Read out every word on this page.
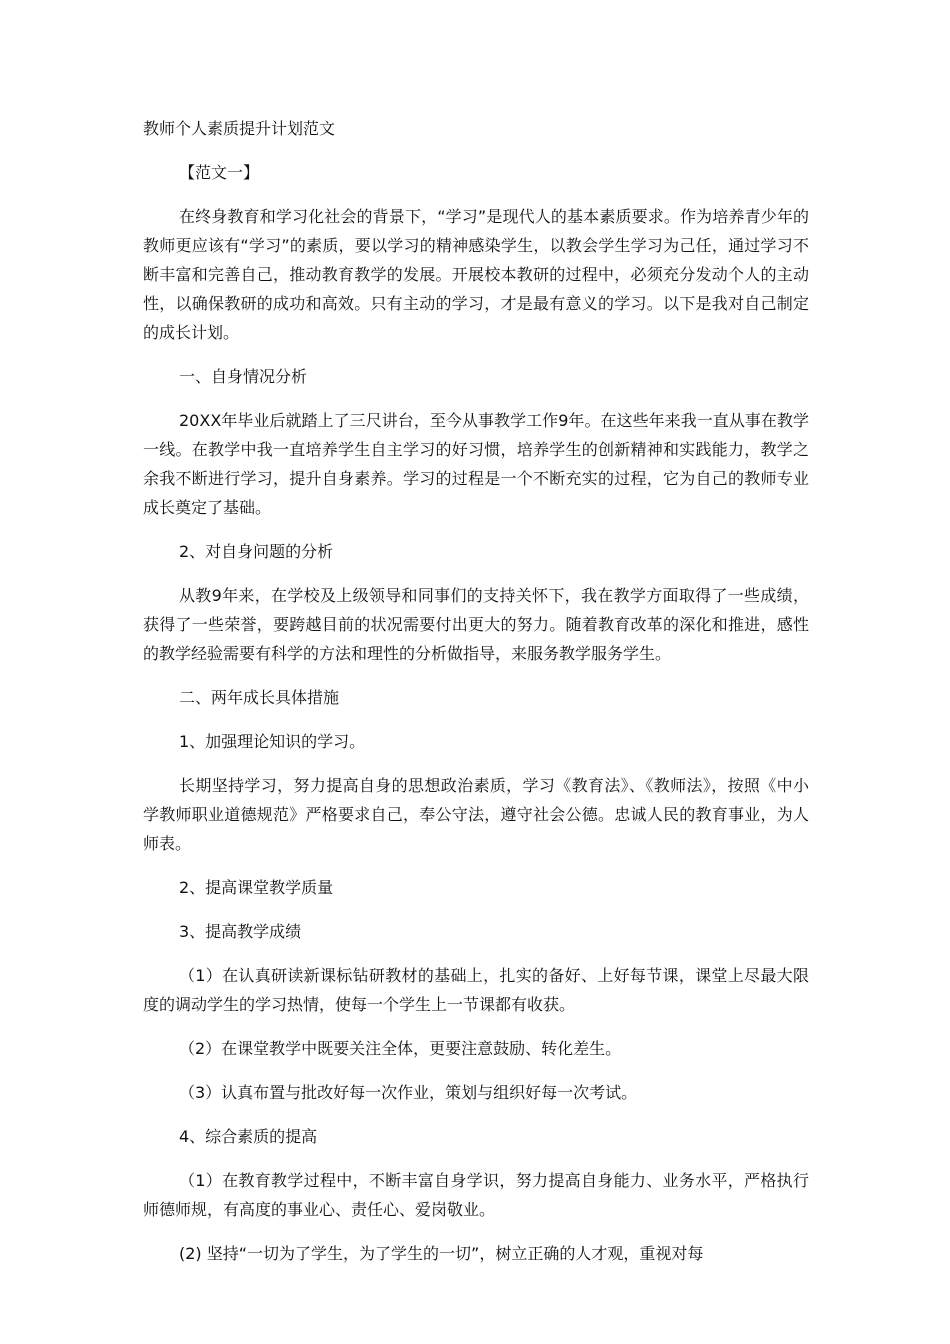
教师个人素质提升计划范文

【范文一】

在终身教育和学习化社会的背景下，“学习”是现代人的基本素质要求。作为培养青少年的教师更应该有“学习”的素质，要以学习的精神感染学生，以教会学生学习为己任，通过学习不断丰富和完善自己，推动教育教学的发展。开展校本教研的过程中，必须充分发动个人的主动性，以确保教研的成功和高效。只有主动的学习，才是最有意义的学习。以下是我对自己制定的成长计划。

一、自身情况分析

20XX年毕业后就踏上了三尺讲台，至今从事教学工作9年。在这些年来我一直从事在教学一线。在教学中我一直培养学生自主学习的好习惯，培养学生的创新精神和实践能力，教学之余我不断进行学习，提升自身素养。学习的过程是一个不断充实的过程，它为自己的教师专业成长奠定了基础。

2、对自身问题的分析

从教9年来，在学校及上级领导和同事们的支持关怀下，我在教学方面取得了一些成绩，获得了一些荣誉，要跨越目前的状况需要付出更大的努力。随着教育改革的深化和推进，感性的教学经验需要有科学的方法和理性的分析做指导，来服务教学服务学生。

二、两年成长具体措施

1、加强理论知识的学习。

长期坚持学习，努力提高自身的思想政治素质，学习《教育法》、《教师法》，按照《中小学教师职业道德规范》严格要求自己，奉公守法，遵守社会公德。忠诚人民的教育事业，为人师表。

2、提高课堂教学质量

3、提高教学成绩

（1）在认真研读新课标钻研教材的基础上，扎实的备好、上好每节课，课堂上尽最大限度的调动学生的学习热情，使每一个学生上一节课都有收获。

（2）在课堂教学中既要关注全体，更要注意鼓励、转化差生。

（3）认真布置与批改好每一次作业，策划与组织好每一次考试。

4、综合素质的提高

（1）在教育教学过程中，不断丰富自身学识，努力提高自身能力、业务水平，严格执行师德师规，有高度的事业心、责任心、爱岗敬业。

(2) 坚持“一切为了学生，为了学生的一切”，树立正确的人才观，重视对每
